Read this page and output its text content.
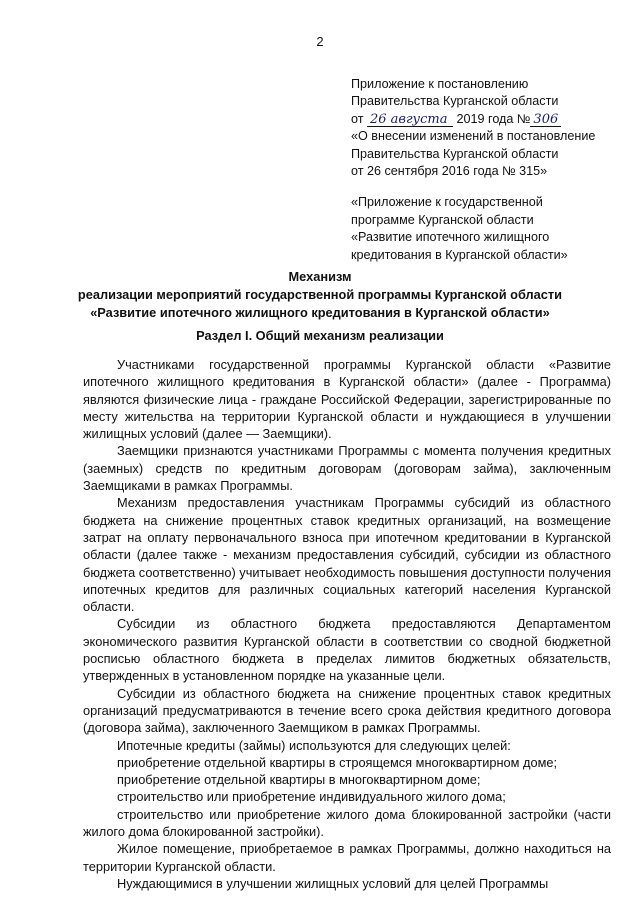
2

Приложение к постановлению

Правительства Курганской области

от 26 августа 2019 года № 306

«О внесении изменений в постановление

Правительства Курганской области

от 26 сентября 2016 года № 315»

«Приложение к государственной

программе Курганской области

«Развитие ипотечного жилищного

кредитования в Курганской области»

Механизм

реализации мероприятий государственной программы Курганской области

«Развитие ипотечного жилищного кредитования в Курганской области»

Раздел I. Общий механизм реализации

Участниками государственной программы Курганской области «Развитие ипотечного жилищного кредитования в Курганской области» (далее - Программа) являются физические лица - граждане Российской Федерации, зарегистрированные по месту жительства на территории Курганской области и нуждающиеся в улучшении жилищных условий (далее — Заемщики).

Заемщики признаются участниками Программы с момента получения кредитных (заемных) средств по кредитным договорам (договорам займа), заключенным Заемщиками в рамках Программы.

Механизм предоставления участникам Программы субсидий из областного бюджета на снижение процентных ставок кредитных организаций, на возмещение затрат на оплату первоначального взноса при ипотечном кредитовании в Курганской области (далее также - механизм предоставления субсидий, субсидии из областного бюджета соответственно) учитывает необходимость повышения доступности получения ипотечных кредитов для различных социальных категорий населения Курганской области.

Субсидии из областного бюджета предоставляются Департаментом экономического развития Курганской области в соответствии со сводной бюджетной росписью областного бюджета в пределах лимитов бюджетных обязательств, утвержденных в установленном порядке на указанные цели.

Субсидии из областного бюджета на снижение процентных ставок кредитных организаций предусматриваются в течение всего срока действия кредитного договора (договора займа), заключенного Заемщиком в рамках Программы.

Ипотечные кредиты (займы) используются для следующих целей:

приобретение отдельной квартиры в строящемся многоквартирном доме;

приобретение отдельной квартиры в многоквартирном доме;

строительство или приобретение индивидуального жилого дома;

строительство или приобретение жилого дома блокированной застройки (части жилого дома блокированной застройки).

Жилое помещение, приобретаемое в рамках Программы, должно находиться на территории Курганской области.

Нуждающимися в улучшении жилищных условий для целей Программы
